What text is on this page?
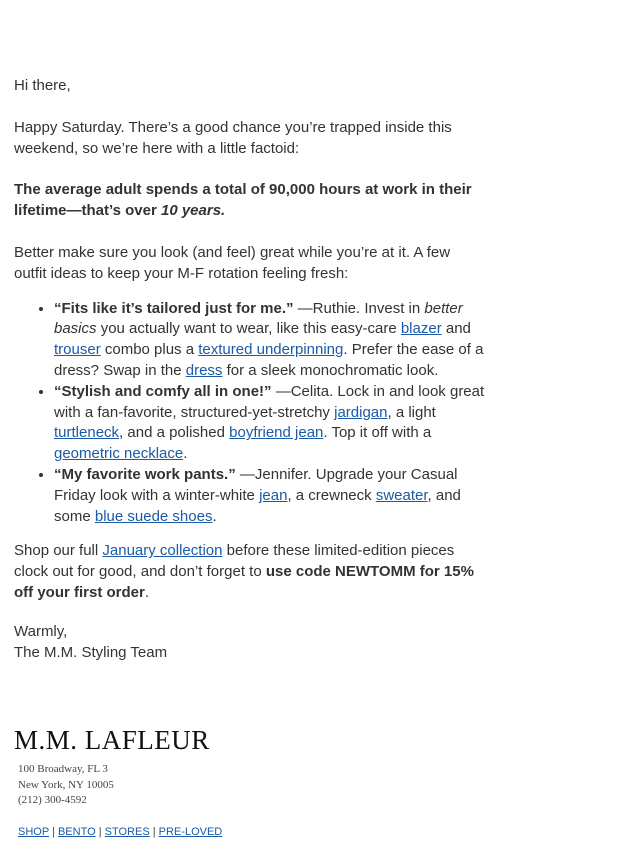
Hi there,

Happy Saturday. There’s a good chance you’re trapped inside this weekend, so we’re here with a little factoid:

The average adult spends a total of 90,000 hours at work in their lifetime—that’s over 10 years.

Better make sure you look (and feel) great while you’re at it. A few outfit ideas to keep your M-F rotation feeling fresh:

• “Fits like it’s tailored just for me.” —Ruthie. Invest in better basics you actually want to wear, like this easy-care blazer and trouser combo plus a textured underpinning. Prefer the ease of a dress? Swap in the dress for a sleek monochromatic look.
• “Stylish and comfy all in one!” —Celita. Lock in and look great with a fan-favorite, structured-yet-stretchy jardigan, a light turtleneck, and a polished boyfriend jean. Top it off with a geometric necklace.
• “My favorite work pants.” —Jennifer. Upgrade your Casual Friday look with a winter-white jean, a crewneck sweater, and some blue suede shoes.

Shop our full January collection before these limited-edition pieces clock out for good, and don’t forget to use code NEWTOMM for 15% off your first order.

Warmly,

The M.M. Styling Team

M.M. LAFLEUR
100 Broadway, FL 3
New York, NY 10005
(212) 300-4592
SHOP | BENTO | STORES | PRE-LOVED
